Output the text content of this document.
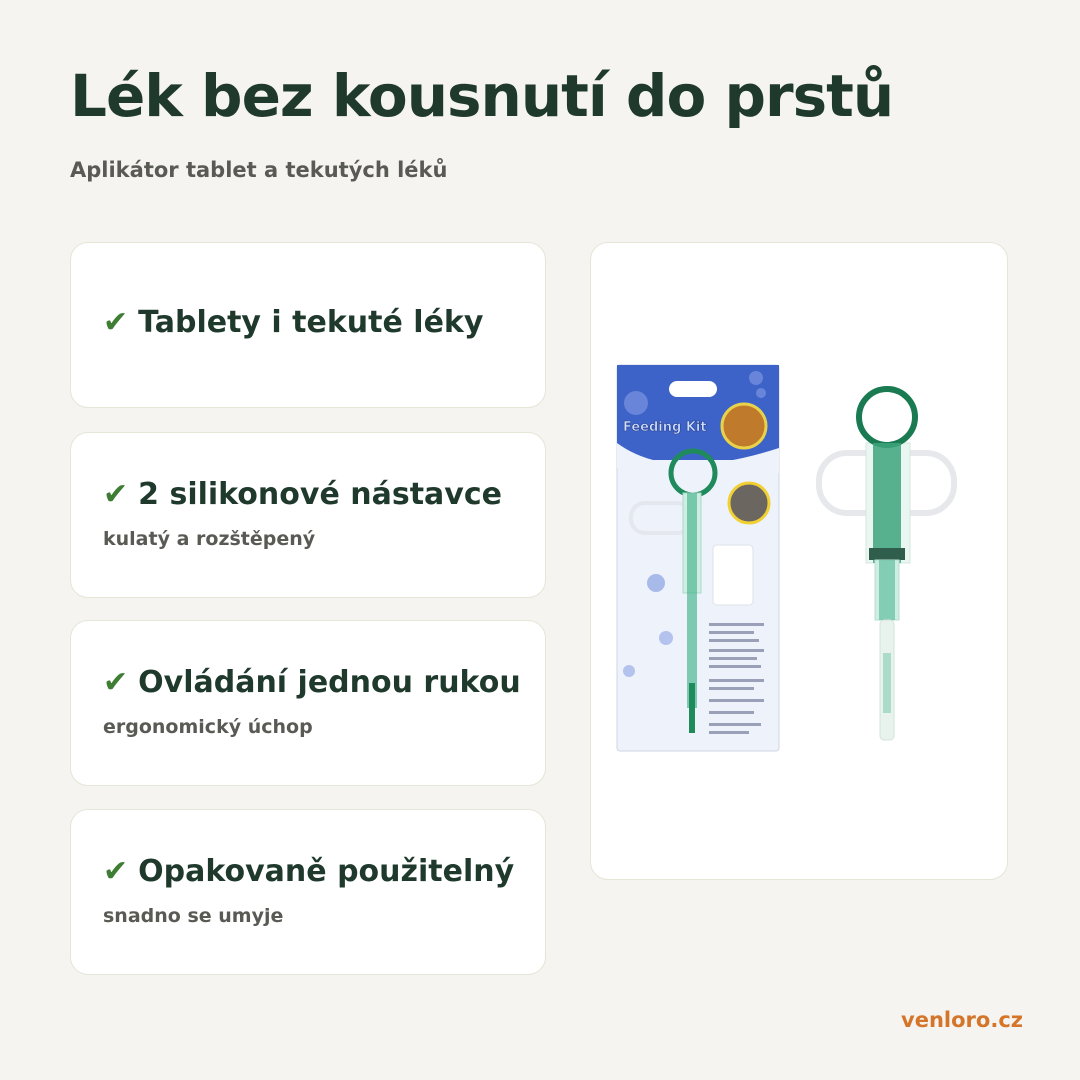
Lék bez kousnutí do prstů
Aplikátor tablet a tekutých léků
✔ Tablety i tekuté léky
✔ 2 silikonové nástavce
kulatý a rozštěpený
✔ Ovládání jednou rukou
ergonomický úchop
✔ Opakovaně použitelný
snadno se umyje
Feeding Kit
venloro.cz
